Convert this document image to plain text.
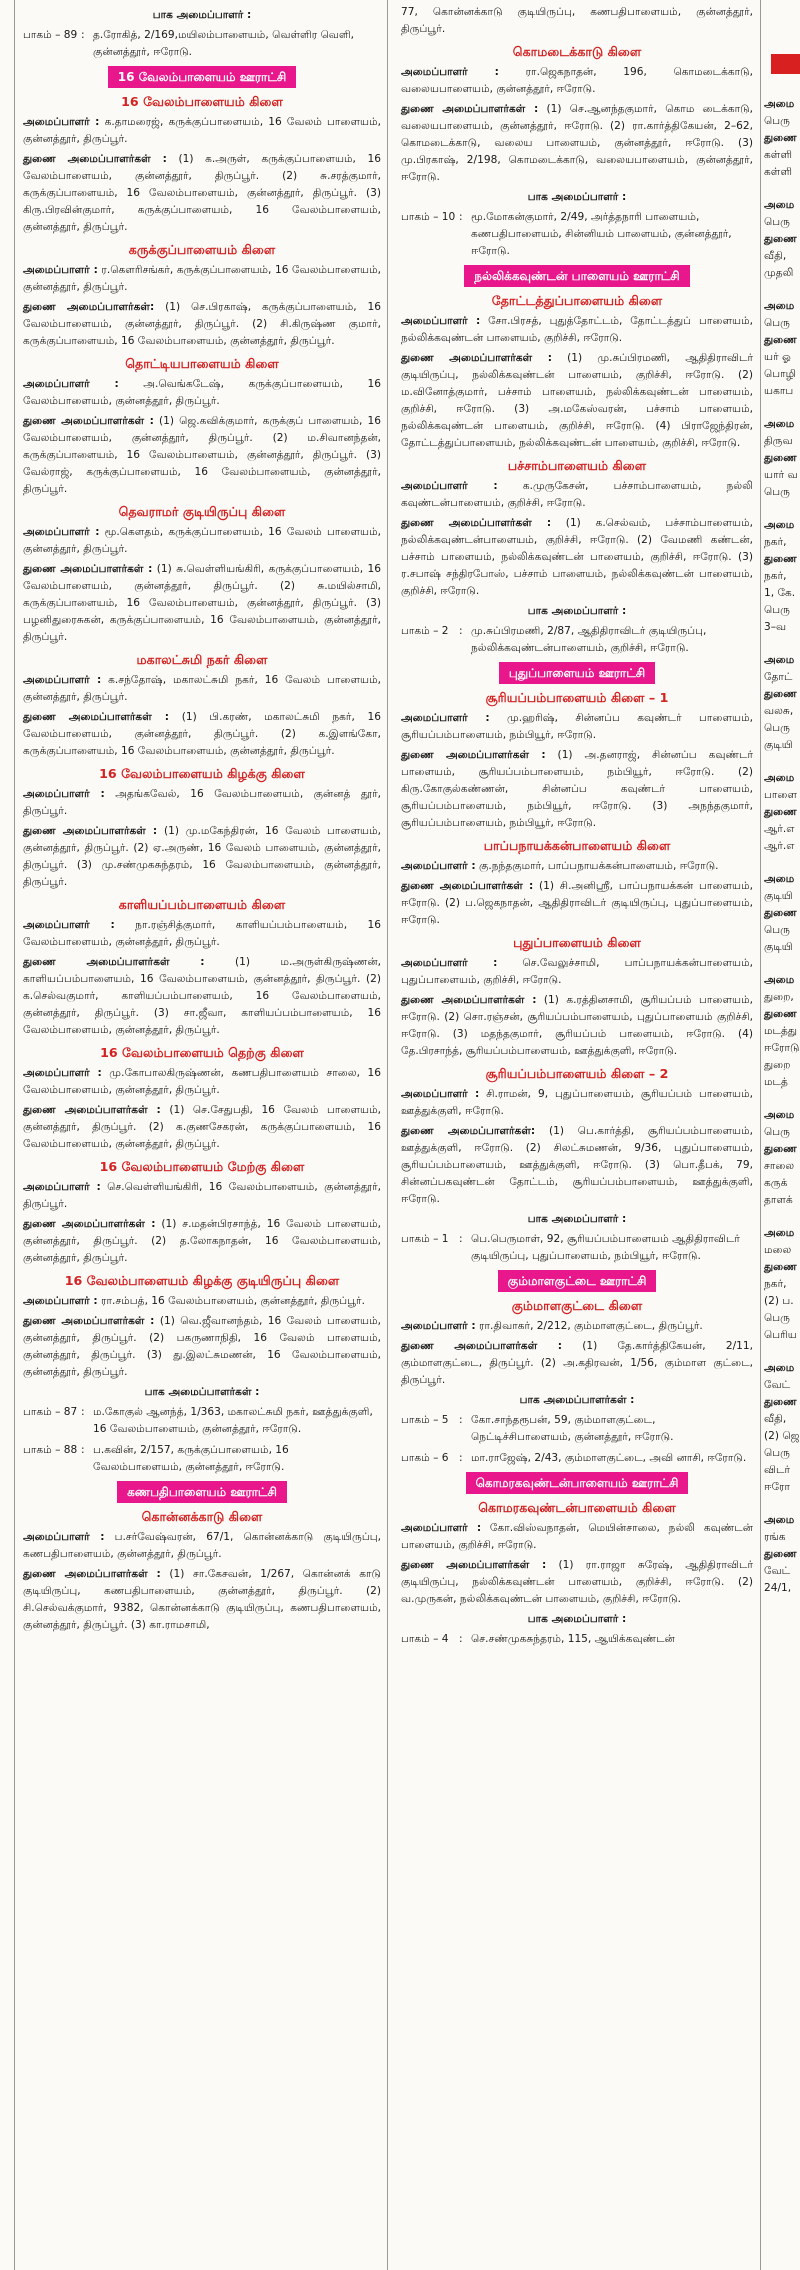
பாக அமைப்பாளர் :
பாகம் – 89 : த.ரோகித், 2/169,மயிலம்பாளையம், வெள்ளிர வெளி, குன்னத்தூர், ஈரோடு.
16 வேலம்பாளையம் ஊராட்சி
16 வேலம்பாளையம் கிளை

அமைப்பாளர் : க.தாமரைஜ், கருக்குப்பாளையம், 16 வேலம் பாளையம், குன்னத்தூர், திருப்பூர்.

துணை அமைப்பாளர்கள் : (1) க.அருள், கருக்குப்பாளையம், 16 வேலம்பாளையம், குன்னத்தூர், திருப்பூர். (2) சு.சரத்குமார், கருக்குப்பாளையம், 16 வேலம்பாளையம், குன்னத்தூர், திருப்பூர். (3) கிரு.பிரவின்குமார், கருக்குப்பாளையம், 16 வேலம்பாளையம், குன்னத்தூர், திருப்பூர்.

கருக்குப்பாளையம் கிளை

அமைப்பாளர் : ர.கௌரிசங்கர், கருக்குப்பாளையம், 16 வேலம்பாளையம், குன்னத்தூர், திருப்பூர்.

துணை அமைப்பாளர்கள்: (1) செ.பிரகாஷ், கருக்குப்பாளையம், 16 வேலம்பாளையம், குன்னத்தூர், திருப்பூர். (2) சி.கிருஷ்ண குமார், கருக்குப்பாளையம், 16 வேலம்பாளையம், குன்னத்தூர், திருப்பூர்.

தொட்டியபாளையம் கிளை

அமைப்பாளர் : அ.வெங்கடேஷ், கருக்குப்பாளையம், 16 வேலம்பாளையம், குன்னத்தூர், திருப்பூர்.

துணை அமைப்பாளர்கள் : (1) ஜெ.கவிக்குமார், கருக்குப் பாளையம், 16 வேலம்பாளையம், குன்னத்தூர், திருப்பூர். (2) ம.சிவானந்தன், கருக்குப்பாளையம், 16 வேலம்பாளையம், குன்னத்தூர், திருப்பூர். (3) வேல்ராஜ், கருக்குப்பாளையம், 16 வேலம்பாளையம், குன்னத்தூர், திருப்பூர்.

தெவராமர் குடியிருப்பு கிளை

அமைப்பாளர் : மூ.கௌதம், கருக்குப்பாளையம், 16 வேலம் பாளையம், குன்னத்தூர், திருப்பூர்.

துணை அமைப்பாளர்கள் : (1) சு.வெள்ளியங்கிரி, கருக்குப்பாளையம், 16 வேலம்பாளையம், குன்னத்தூர், திருப்பூர். (2) சு.மயில்சாமி, கருக்குப்பாளையம், 16 வேலம்பாளையம், குன்னத்தூர், திருப்பூர். (3) பழனிதுரைசுகன், கருக்குப்பாளையம், 16 வேலம்பாளையம், குன்னத்தூர், திருப்பூர்.

மகாலட்சுமி நகர் கிளை

அமைப்பாளர் : க.சந்தோஷ், மகாலட்சுமி நகர், 16 வேலம் பாளையம், குன்னத்தூர், திருப்பூர்.

துணை அமைப்பாளர்கள் : (1) பி.கரண், மகாலட்சுமி நகர், 16 வேலம்பாளையம், குன்னத்தூர், திருப்பூர். (2) க.இளங்கோ, கருக்குப்பாளையம், 16 வேலம்பாளையம், குன்னத்தூர், திருப்பூர்.

16 வேலம்பாளையம் கிழக்கு கிளை

அமைப்பாளர் : அதங்கவேல், 16 வேலம்பாளையம், குன்னத் தூர், திருப்பூர்.

துணை அமைப்பாளர்கள் : (1) மு.மகேந்திரன், 16 வேலம் பாளையம், குன்னத்தூர், திருப்பூர். (2) ஏ.அருண், 16 வேலம் பாளையம், குன்னத்தூர், திருப்பூர். (3) மு.சண்முகசுந்தரம், 16 வேலம்பாளையம், குன்னத்தூர், திருப்பூர்.

காளியப்பம்பாளையம் கிளை

அமைப்பாளர் : நா.ரஞ்சித்குமார், காளியப்பம்பாளையம், 16 வேலம்பாளையம், குன்னத்தூர், திருப்பூர்.

துணை அமைப்பாளர்கள் : (1) ம.அருள்கிருஷ்ணன், காளியப்பம்பாளையம், 16 வேலம்பாளையம், குன்னத்தூர், திருப்பூர். (2) க.செல்வகுமார், காளியப்பம்பாளையம், 16 வேலம்பாளையம், குன்னத்தூர், திருப்பூர். (3) சா.ஜீவா, காளியப்பம்பாளையம், 16 வேலம்பாளையம், குன்னத்தூர், திருப்பூர்.

16 வேலம்பாளையம் தெற்கு கிளை

அமைப்பாளர் : மு.கோபாலகிருஷ்ணன், கணபதிபாளையம் சாலை, 16 வேலம்பாளையம், குன்னத்தூர், திருப்பூர்.

துணை அமைப்பாளர்கள் : (1) செ.சேதுபதி, 16 வேலம் பாளையம், குன்னத்தூர், திருப்பூர். (2) க.குணசேகரன், கருக்குப்பாளையம், 16 வேலம்பாளையம், குன்னத்தூர், திருப்பூர்.

16 வேலம்பாளையம் மேற்கு கிளை

அமைப்பாளர் : செ.வெள்ளியங்கிரி, 16 வேலம்பாளையம், குன்னத்தூர், திருப்பூர்.

துணை அமைப்பாளர்கள் : (1) ச.மதன்பிரசாந்த், 16 வேலம் பாளையம், குன்னத்தூர், திருப்பூர். (2) த.லோகநாதன், 16 வேலம்பாளையம், குன்னத்தூர், திருப்பூர்.

16 வேலம்பாளையம் கிழக்கு குடியிருப்பு கிளை

அமைப்பாளர் : ரா.சம்பத், 16 வேலம்பாளையம், குன்னத்தூர், திருப்பூர்.

துணை அமைப்பாளர்கள் : (1) வெ.ஜீவானந்தம், 16 வேலம் பாளையம், குன்னத்தூர், திருப்பூர். (2) பகருணாநிதி, 16 வேலம் பாளையம், குன்னத்தூர், திருப்பூர். (3) து.இலட்சுமணன், 16 வேலம்பாளையம், குன்னத்தூர், திருப்பூர்.

பாக அமைப்பாளர்கள் :
பாகம் – 87 : ம.கோகுல் ஆனந்த், 1/363, மகாலட்சுமி நகர், ஊத்துக்குளி, 16 வேலம்பாளையம், குன்னத்தூர், ஈரோடு.
பாகம் – 88 : ப.கவின், 2/157, கருக்குப்பாளையம், 16 வேலம்பாளையம், குன்னத்தூர், ஈரோடு.
கணபதிபாளையம் ஊராட்சி
கொன்னக்காடு கிளை

அமைப்பாளர் : ப.சர்வேஷ்வரன், 67/1, கொன்னக்காடு குடியிருப்பு, கணபதிபாளையம், குன்னத்தூர், திருப்பூர்.

துணை அமைப்பாளர்கள் : (1) சா.கேசவன், 1/267, கொன்னக் காடு குடியிருப்பு, கணபதிபாளையம், குன்னத்தூர், திருப்பூர். (2) சி.செல்வக்குமார், 9382, கொன்னக்காடு குடியிருப்பு, கணபதிபாளையம், குன்னத்தூர், திருப்பூர். (3) கா.ராமசாமி,

77, கொன்னக்காடு குடியிருப்பு, கணபதிபாளையம், குன்னத்தூர், திருப்பூர்.

கொமடைக்காடு கிளை

அமைப்பாளர் : ரா.ஜெகநாதன், 196, கொமடைக்காடு, வலையபாளையம், குன்னத்தூர், ஈரோடு.

துணை அமைப்பாளர்கள் : (1) செ.ஆனந்தகுமார், கொம டைக்காடு, வலையபாளையம், குன்னத்தூர், ஈரோடு. (2) ரா.கார்த்திகேயன், 2–62, கொமடைக்காடு, வலைய பாளையம், குன்னத்தூர், ஈரோடு. (3) மு.பிரகாஷ், 2/198, கொமடைக்காடு, வலையபாளையம், குன்னத்தூர், ஈரோடு.

பாக அமைப்பாளர் :
பாகம் – 10 : மூ.மோகன்குமார், 2/49, அர்த்தநாரி பாளையம், கணபதிபாளையம், சின்னியம் பாளையம், குன்னத்தூர், ஈரோடு.
நல்லிக்கவுண்டன் பாளையம் ஊராட்சி
தோட்டத்துப்பாளையம் கிளை

அமைப்பாளர் : சோ.பிரசத், புதுத்தோட்டம், தோட்டத்துப் பாளையம், நல்லிக்கவுண்டன் பாளையம், குறிச்சி, ஈரோடு.

துணை அமைப்பாளர்கள் : (1) மு.சுப்பிரமணி, ஆதிதிராவிடர் குடியிருப்பு, நல்லிக்கவுண்டன் பாளையம், குறிச்சி, ஈரோடு. (2) ம.வினோத்குமார், பச்சாம் பாளையம், நல்லிக்கவுண்டன் பாளையம், குறிச்சி, ஈரோடு. (3) அ.மகேஸ்வரன், பச்சாம் பாளையம், நல்லிக்கவுண்டன் பாளையம், குறிச்சி, ஈரோடு. (4) பிராஜேந்திரன், தோட்டத்துப்பாளையம், நல்லிக்கவுண்டன் பாளையம், குறிச்சி, ஈரோடு.

பச்சாம்பாளையம் கிளை

அமைப்பாளர் : க.முருகேசன், பச்சாம்பாளையம், நல்லி கவுண்டன்பாளையம், குறிச்சி, ஈரோடு.

துணை அமைப்பாளர்கள் : (1) க.செல்வம், பச்சாம்பாளையம், நல்லிக்கவுண்டன்பாளையம், குறிச்சி, ஈரோடு. (2) வேமணி கண்டன், பச்சாம் பாளையம், நல்லிக்கவுண்டன் பாளையம், குறிச்சி, ஈரோடு. (3) ர.சபாஷ் சந்திரபோஸ், பச்சாம் பாளையம், நல்லிக்கவுண்டன் பாளையம், குறிச்சி, ஈரோடு.

பாக அமைப்பாளர் :
பாகம் – 2 : மு.சுப்பிரமணி, 2/87, ஆதிதிராவிடர் குடியிருப்பு, நல்லிக்கவுண்டன்பாளையம், குறிச்சி, ஈரோடு.
புதுப்பாளையம் ஊராட்சி
சூரியப்பம்பாளையம் கிளை – 1

அமைப்பாளர் : மு.ஹரிஷ், சின்னப்ப கவுண்டர் பாளையம், சூரியப்பம்பாளையம், நம்பியூர், ஈரோடு.

துணை அமைப்பாளர்கள் : (1) அ.தனராஜ், சின்னப்ப கவுண்டர் பாளையம், சூரியப்பம்பாளையம், நம்பியூர், ஈரோடு. (2) கிரு.கோகுல்கண்ணன், சின்னப்ப கவுண்டர் பாளையம், சூரியப்பம்பாளையம், நம்பியூர், ஈரோடு. (3) அநந்தகுமார், சூரியப்பம்பாளையம், நம்பியூர், ஈரோடு.

பாப்பநாயக்கன்பாளையம் கிளை

அமைப்பாளர் : கு.நந்தகுமார், பாப்பநாயக்கன்பாளையம், ஈரோடு.

துணை அமைப்பாளர்கள் : (1) சி.அனிஸ்ரீ, பாப்பநாயக்கன் பாளையம், ஈரோடு. (2) ப.ஜெகநாதன், ஆதிதிராவிடர் குடியிருப்பு, புதுப்பாளையம், ஈரோடு.

புதுப்பாளையம் கிளை

அமைப்பாளர் : செ.வேலுச்சாமி, பாப்பநாயக்கன்பாளையம், புதுப்பாளையம், குறிச்சி, ஈரோடு.

துணை அமைப்பாளர்கள் : (1) க.ரத்தினசாமி, சூரியப்பம் பாளையம், ஈரோடு. (2) சொ.ரஞ்சன், சூரியப்பம்பாளையம், புதுப்பாளையம் குறிச்சி, ஈரோடு. (3) மதந்தகுமார், சூரியப்பம் பாளையம், ஈரோடு. (4) தே.பிரசாந்த், சூரியப்பம்பாளையம், ஊத்துக்குளி, ஈரோடு.

சூரியப்பம்பாளையம் கிளை – 2

அமைப்பாளர் : சி.ராமன், 9, புதுப்பாளையம், சூரியப்பம் பாளையம், ஊத்துக்குளி, ஈரோடு.

துணை அமைப்பாளர்கள்: (1) பெ.கார்த்தி, சூரியப்பம்பாளையம், ஊத்துக்குளி, ஈரோடு. (2) சிலட்சுமணன், 9/36, புதுப்பாளையம், சூரியப்பம்பாளையம், ஊத்துக்குளி, ஈரோடு. (3) பொ.தீபக், 79, சின்னப்பகவுண்டன் தோட்டம், சூரியப்பம்பாளையம், ஊத்துக்குளி, ஈரோடு.

பாக அமைப்பாளர் :
பாகம் – 1 : பெ.பெருமாள், 92, சூரியப்பம்பாளையம் ஆதிதிராவிடர் குடியிருப்பு, புதுப்பாளையம், நம்பியூர், ஈரோடு.
கும்மாளகுட்டை ஊராட்சி
கும்மாளகுட்டை கிளை

அமைப்பாளர் : ரா.திவாகர், 2/212, கும்மாளகுட்டை, திருப்பூர்.

துணை அமைப்பாளர்கள் : (1) தே.கார்த்திகேயன், 2/11, கும்மாளகுட்டை, திருப்பூர். (2) அ.கதிரவன், 1/56, கும்மாள குட்டை, திருப்பூர்.

பாக அமைப்பாளர்கள் :
பாகம் – 5 : கோ.சாந்தரூபன், 59, கும்மாளகுட்டை, நெட்டிச்சிபாளையம், குன்னத்தூர், ஈரோடு.
பாகம் – 6 : மா.ராஜேஷ், 2/43, கும்மாளகுட்டை, அவி னாசி, ஈரோடு.
கொமரகவுண்டன்பாளையம் ஊராட்சி
கொமரகவுண்டன்பாளையம் கிளை

அமைப்பாளர் : கோ.விஸ்வநாதன், மெயின்சாலை, நல்லி கவுண்டன் பாளையம், குறிச்சி, ஈரோடு.

துணை அமைப்பாளர்கள் : (1) ரா.ராஜா சுரேஷ், ஆதிதிராவிடர் குடியிருப்பு, நல்லிக்கவுண்டன் பாளையம், குறிச்சி, ஈரோடு. (2) வ.முருகன், நல்லிக்கவுண்டன் பாளையம், குறிச்சி, ஈரோடு.

பாக அமைப்பாளர் :
பாகம் – 4 : செ.சண்முகசுந்தரம், 115, ஆயிக்கவுண்டன்
அமை
பெரு
துணை
கள்ளி
கள்ளி
அமை
பெரு
துணை
வீதி,
முதலி
அமை
பெரு
துணை
யர் ஓ
பொழி
யகாப
அமை
திருவ
துணை
யார் வ
பெரு
அமை
நகர்,
துணை
நகர்,
1, கே.
பெரு
3–வ
அமை
தோட்
துணை
வலசு,
பெரு
குடியி
அமை
பாளை
துணை
ஆர்.எ
ஆர்.எ
அமை
குடியி
துணை
பெரு
குடியி
அமை
துறை,
துணை
மடத்து
ஈரோடு
துறை
மடத்
அமை
பெரு
துணை
சாலை
கருக்
தாளக்
அமை
மலை
துணை
நகர்,
(2) ப.
பெரு
பெரிய
அமை
வேட்
துணை
வீதி,
(2) ஜெ
பெரு
விடர்
ஈரோ
அமை
ரங்க
துணை
வேட்
24/1,
